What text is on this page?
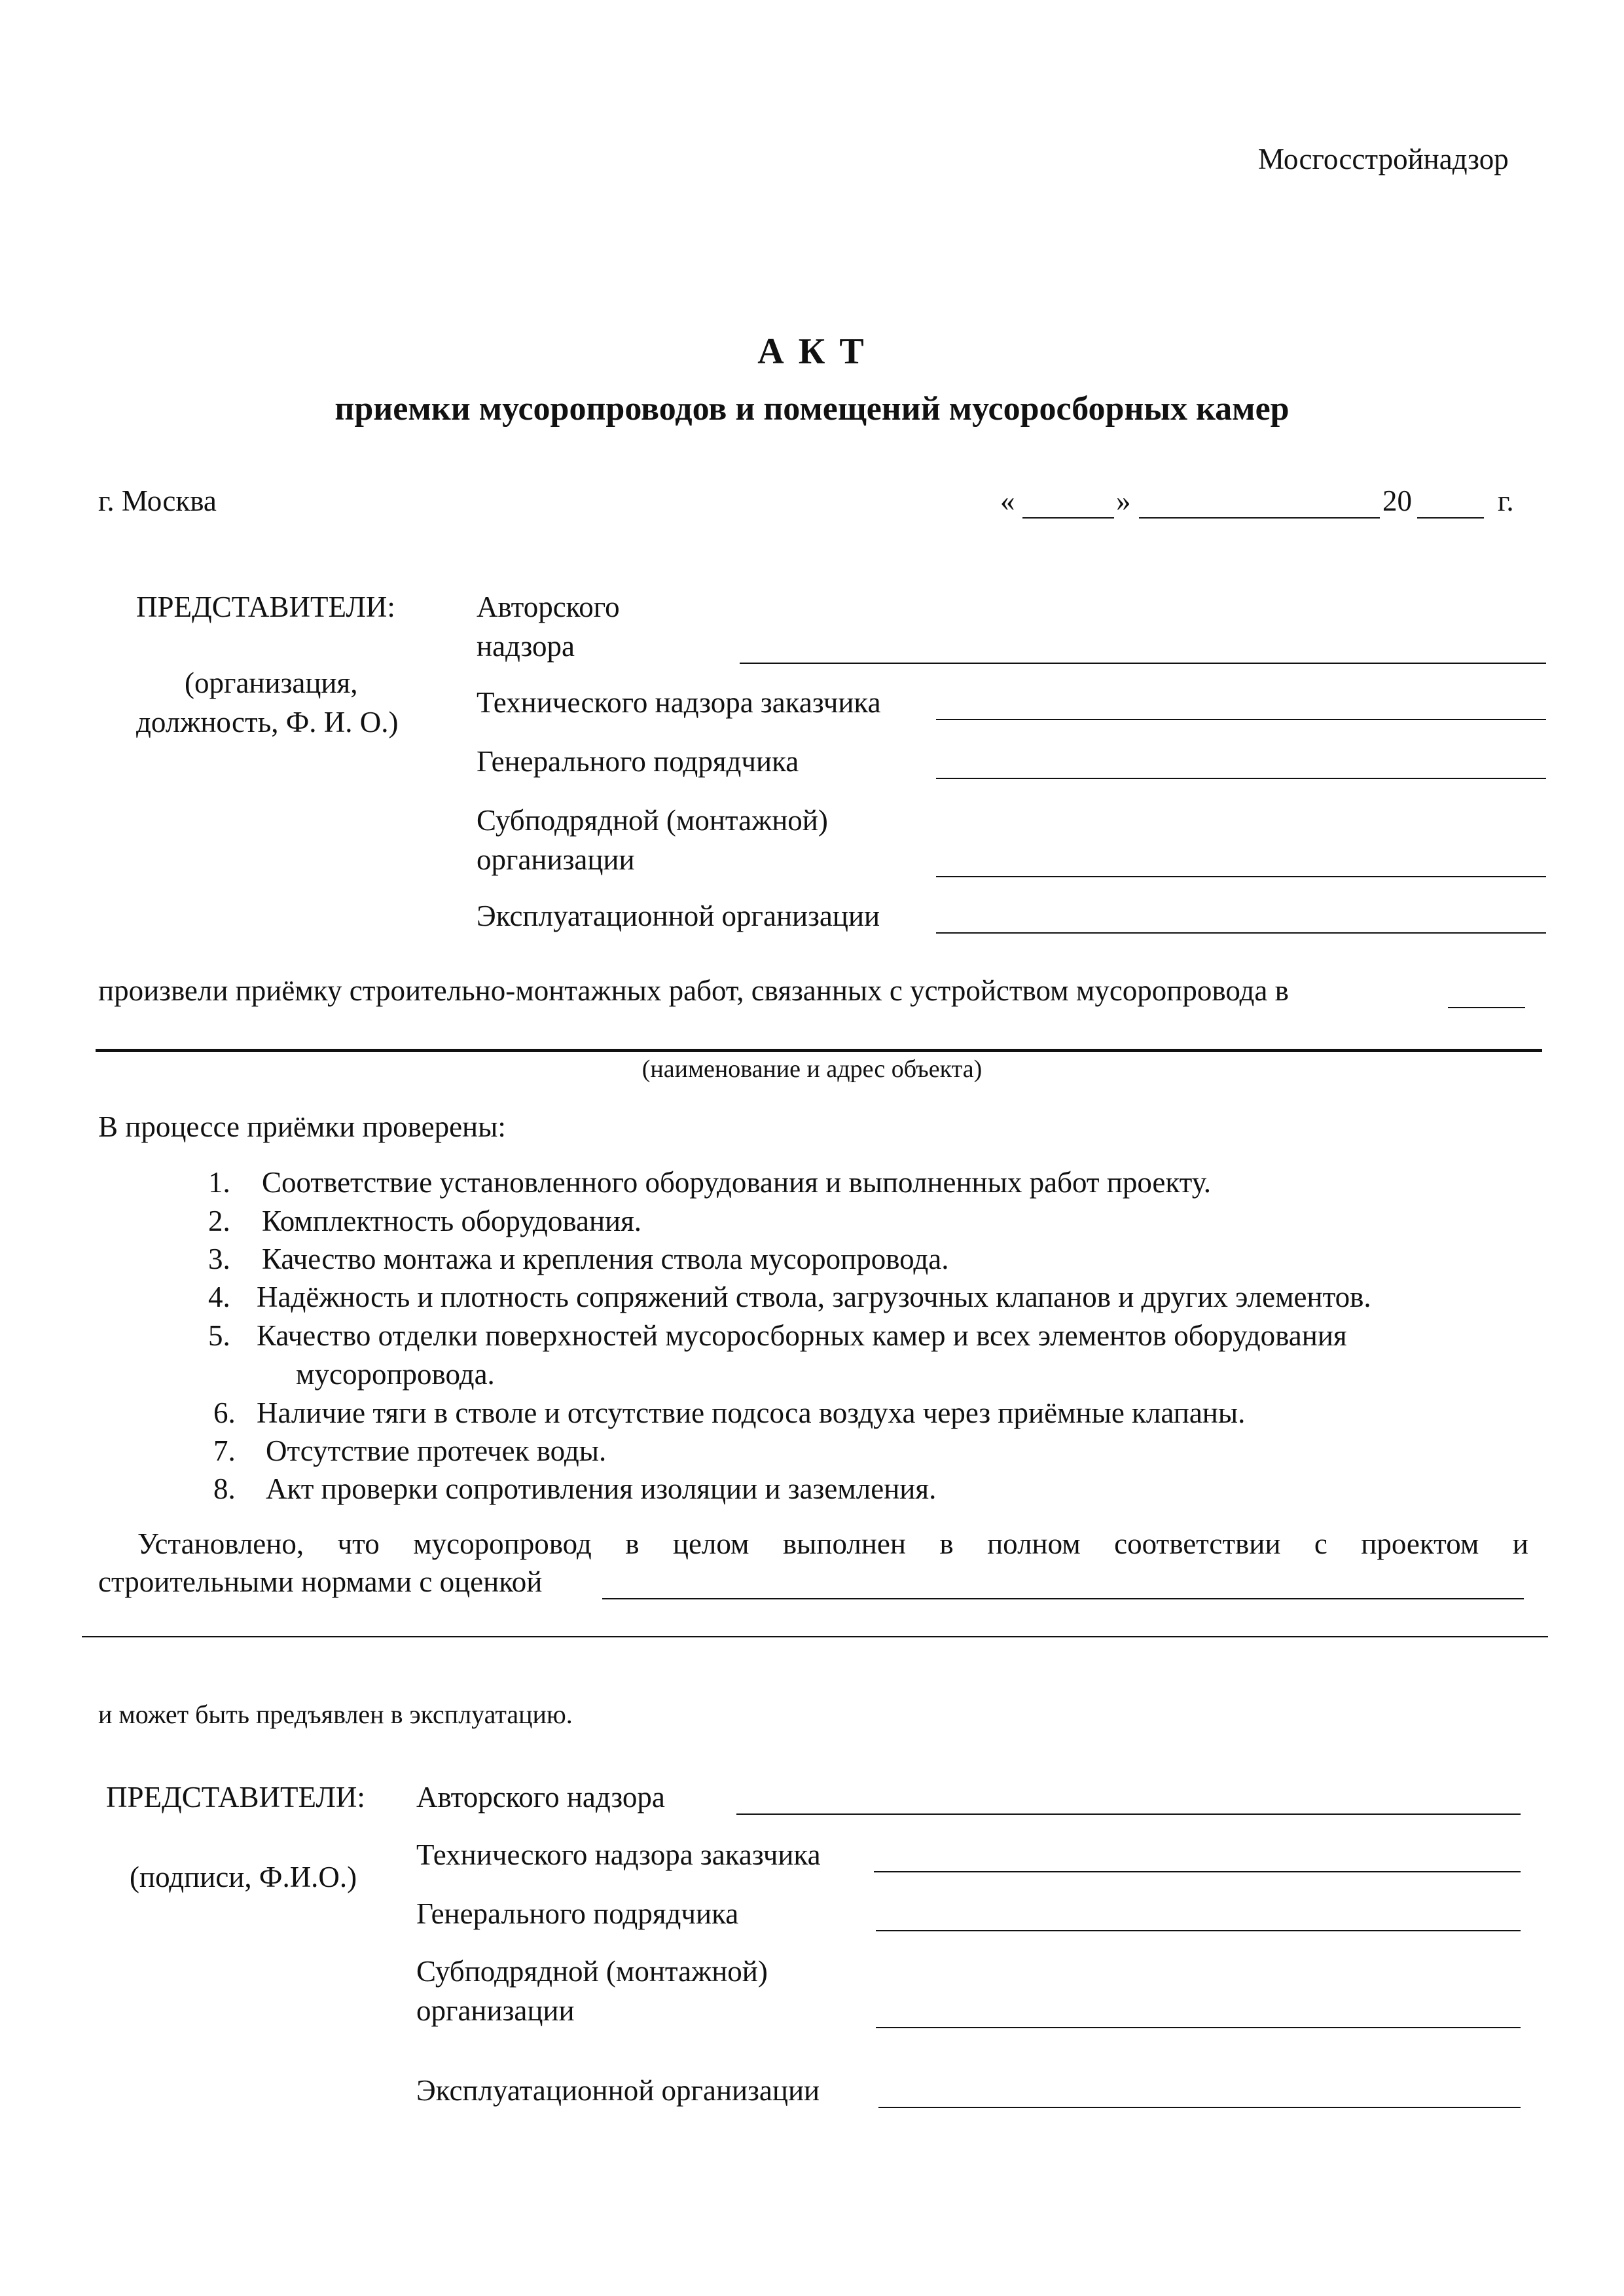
Мосгосстройнадзор
А К Т
приемки мусоропроводов и помещений мусоросборных камер
г. Москва	«	»	20	г.
ПРЕДСТАВИТЕЛИ:
(организация,
должность, Ф. И. О.)
Авторского
надзора
Технического надзора заказчика
Генерального подрядчика
Субподрядной (монтажной)
организации
Эксплуатационной организации
произвели приёмку строительно-монтажных работ, связанных с устройством мусоропровода в
(наименование и адрес объекта)
В процессе приёмки проверены:
1. Соответствие установленного оборудования и выполненных работ проекту.
2. Комплектность оборудования.
3. Качество монтажа и крепления ствола мусоропровода.
4. Надёжность и плотность сопряжений ствола, загрузочных клапанов и других элементов.
5. Качество отделки поверхностей мусоросборных камер и всех элементов оборудования
мусоропровода.
6. Наличие тяги в стволе и отсутствие подсоса воздуха через приёмные клапаны.
7. Отсутствие протечек воды.
8. Акт проверки сопротивления изоляции и заземления.
Установлено, что мусоропровод в целом выполнен в полном соответствии с проектом и
строительными нормами с оценкой
и может быть предъявлен в эксплуатацию.
ПРЕДСТАВИТЕЛИ:
(подписи, Ф.И.О.)
Авторского надзора
Технического надзора заказчика
Генерального подрядчика
Субподрядной (монтажной)
организации
Эксплуатационной организации
